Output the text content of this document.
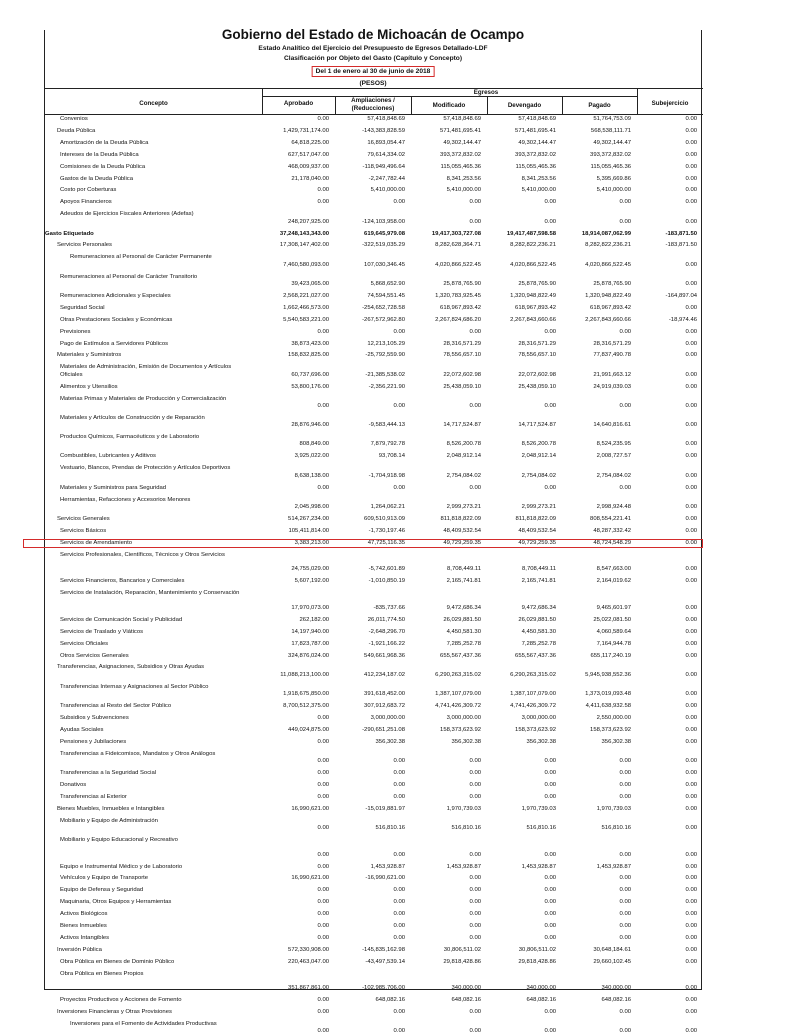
Gobierno del Estado de Michoacán de Ocampo
Estado Analítico del Ejercicio del Presupuesto de Egresos Detallado-LDF
Clasificación por Objeto del Gasto (Capítulo y Concepto)
Del 1 de enero al 30 de junio de 2018
(PESOS)
Concepto	Aprobado
Egresos
Ampliaciones /
(Reducciones)	Modificado	Devengado	Pagado	Subejercicio
Convenios	0.00	57,418,848.69	57,418,848.69	57,418,848.69	51,764,753.09	0.00
Deuda Pública	1,429,731,174.00	-143,383,828.59	571,481,695.41	571,481,695.41	568,538,111.71	0.00
Amortización de la Deuda Pública	64,818,225.00	16,893,054.47	49,302,144.47	49,302,144.47	49,302,144.47	0.00
Intereses de la Deuda Pública	627,517,047.00	79,614,334.02	393,372,832.02	393,372,832.02	393,372,832.02	0.00
Comisiones de la Deuda Pública	468,009,937.00	-118,949,496.64	115,055,465.36	115,055,465.36	115,055,465.36	0.00
Gastos de la Deuda Pública	21,178,040.00	-2,247,782.44	8,341,253.56	8,341,253.56	5,395,669.86	0.00
Costo por Coberturas	0.00	5,410,000.00	5,410,000.00	5,410,000.00	5,410,000.00	0.00
Apoyos Financieros	0.00	0.00	0.00	0.00	0.00	0.00
Adeudos de Ejercicios Fiscales Anteriores (Adefas)
248,207,925.00	-124,103,958.00	0.00	0.00	0.00	0.00
Gasto Etiquetado	37,248,143,343.00	619,645,979.08	19,417,303,727.08	19,417,487,598.58	18,914,087,062.99	-183,871.50
Servicios Personales	17,308,147,402.00	-322,519,035.29	8,282,628,364.71	8,282,822,236.21	8,282,822,236.21	-183,871.50
Remuneraciones al Personal de Carácter Permanente
7,460,580,093.00	107,030,346.45	4,020,866,522.45	4,020,866,522.45	4,020,866,522.45	0.00
Remuneraciones al Personal de Carácter Transitorio
39,423,065.00	5,868,652.90	25,878,765.90	25,878,765.90	25,878,765.90	0.00
Remuneraciones Adicionales y Especiales	2,568,221,027.00	74,594,551.45	1,320,783,925.45	1,320,948,822.49	1,320,948,822.49	-164,897.04
Seguridad Social	1,662,466,573.00	-254,652,728.58	618,967,893.42	618,967,893.42	618,967,893.42	0.00
Otras Prestaciones Sociales y Económicas	5,540,583,221.00	-267,572,962.80	2,267,824,686.20	2,267,843,660.66	2,267,843,660.66	-18,974.46
Previsiones	0.00	0.00	0.00	0.00	0.00	0.00
Pago de Estímulos a Servidores Públicos	38,873,423.00	12,213,105.29	28,316,571.29	28,316,571.29	28,316,571.29	0.00
Materiales y Suministros	158,832,825.00	-25,792,559.90	78,556,657.10	78,556,657.10	77,837,490.78	0.00
Materiales de Administración, Emisión de Documentos y Artículos Oficiales	60,737,696.00	-21,385,538.02	22,072,602.98	22,072,602.98	21,991,663.12	0.00
Alimentos y Utensilios	53,800,176.00	-2,356,221.90	25,438,059.10	25,438,059.10	24,919,039.03	0.00
Materias Primas y Materiales de Producción y Comercialización
0.00	0.00	0.00	0.00	0.00	0.00
Materiales y Artículos de Construcción y de Reparación
28,876,946.00	-9,583,444.13	14,717,524.87	14,717,524.87	14,640,816.61	0.00
Productos Químicos, Farmacéuticos y de Laboratorio
808,849.00	7,879,792.78	8,526,200.78	8,526,200.78	8,524,235.95	0.00
Combustibles, Lubricantes y Aditivos	3,925,022.00	93,708.14	2,048,912.14	2,048,912.14	2,008,727.57	0.00
Vestuario, Blancos, Prendas de Protección y Artículos Deportivos
8,638,138.00	-1,704,918.98	2,754,084.02	2,754,084.02	2,754,084.02	0.00
Materiales y Suministros para Seguridad	0.00	0.00	0.00	0.00	0.00	0.00
Herramientas, Refacciones y Accesorios Menores
2,045,998.00	1,264,062.21	2,999,273.21	2,999,273.21	2,998,924.48	0.00
Servicios Generales	514,267,234.00	609,510,913.09	811,818,822.09	811,818,822.09	808,554,221.41	0.00
Servicios Básicos	105,411,814.00	-1,730,197.46	48,409,532.54	48,409,532.54	48,287,332.42	0.00
Servicios de Arrendamiento	3,383,213.00	47,725,116.35	49,729,259.35	49,729,259.35	48,724,548.29	0.00
Servicios Profesionales, Científicos, Técnicos y Otros Servicios
24,755,029.00	-5,742,601.89	8,708,449.11	8,708,449.11	8,547,663.00	0.00
Servicios Financieros, Bancarios y Comerciales	5,607,192.00	-1,010,850.19	2,165,741.81	2,165,741.81	2,164,019.62	0.00
Servicios de Instalación, Reparación, Mantenimiento y Conservación
17,970,073.00	-835,737.66	9,472,686.34	9,472,686.34	9,465,601.97	0.00
Servicios de Comunicación Social y Publicidad	262,182.00	26,011,774.50	26,029,881.50	26,029,881.50	25,022,081.50	0.00
Servicios de Traslado y Viáticos	14,197,940.00	-2,648,296.70	4,450,581.30	4,450,581.30	4,060,589.64	0.00
Servicios Oficiales	17,823,787.00	-1,921,166.22	7,285,252.78	7,285,252.78	7,164,944.78	0.00
Otros Servicios Generales	324,876,024.00	549,661,968.36	655,567,437.36	655,567,437.36	655,117,240.19	0.00
Transferencias, Asignaciones, Subsidios y Otras Ayudas
11,088,213,100.00	412,234,187.02	6,290,263,315.02	6,290,263,315.02	5,945,938,552.36	0.00
Transferencias Internas y Asignaciones al Sector Público
1,918,675,850.00	391,618,452.00	1,387,107,079.00	1,387,107,079.00	1,373,019,093.48	0.00
Transferencias al Resto del Sector Público	8,700,512,375.00	307,912,683.72	4,741,426,309.72	4,741,426,309.72	4,411,638,932.58	0.00
Subsidios y Subvenciones	0.00	3,000,000.00	3,000,000.00	3,000,000.00	2,550,000.00	0.00
Ayudas Sociales	449,024,875.00	-290,651,251.08	158,373,623.92	158,373,623.92	158,373,623.92	0.00
Pensiones y Jubilaciones	0.00	356,302.38	356,302.38	356,302.38	356,302.38	0.00
Transferencias a Fideicomisos, Mandatos y Otros Análogos
0.00	0.00	0.00	0.00	0.00	0.00
Transferencias a la Seguridad Social	0.00	0.00	0.00	0.00	0.00	0.00
Donativos	0.00	0.00	0.00	0.00	0.00	0.00
Transferencias al Exterior	0.00	0.00	0.00	0.00	0.00	0.00
Bienes Muebles, Inmuebles e Intangibles	16,990,621.00	-15,019,881.97	1,970,739.03	1,970,739.03	1,970,739.03	0.00
Mobiliario y Equipo de Administración
0.00	516,810.16	516,810.16	516,810.16	516,810.16	0.00
Mobiliario y Equipo Educacional y Recreativo
0.00	0.00	0.00	0.00	0.00	0.00
Equipo e Instrumental Médico y de Laboratorio	0.00	1,453,928.87	1,453,928.87	1,453,928.87	1,453,928.87	0.00
Vehículos y Equipo de Transporte	16,990,621.00	-16,990,621.00	0.00	0.00	0.00	0.00
Equipo de Defensa y Seguridad	0.00	0.00	0.00	0.00	0.00	0.00
Maquinaria, Otros Equipos y Herramientas	0.00	0.00	0.00	0.00	0.00	0.00
Activos Biológicos	0.00	0.00	0.00	0.00	0.00	0.00
Bienes Inmuebles	0.00	0.00	0.00	0.00	0.00	0.00
Activos Intangibles	0.00	0.00	0.00	0.00	0.00	0.00
Inversión Pública	572,330,908.00	-145,835,162.98	30,806,511.02	30,806,511.02	30,648,184.61	0.00
Obra Pública en Bienes de Dominio Público	220,463,047.00	-43,497,539.14	29,818,428.86	29,818,428.86	29,660,102.45	0.00
Obra Pública en Bienes Propios
351,867,861.00	-102,985,706.00	340,000.00	340,000.00	340,000.00	0.00
Proyectos Productivos y Acciones de Fomento	0.00	648,082.16	648,082.16	648,082.16	648,082.16	0.00
Inversiones Financieras y Otras Provisiones	0.00	0.00	0.00	0.00	0.00	0.00
Inversiones para el Fomento de Actividades Productivas
0.00	0.00	0.00	0.00	0.00	0.00
